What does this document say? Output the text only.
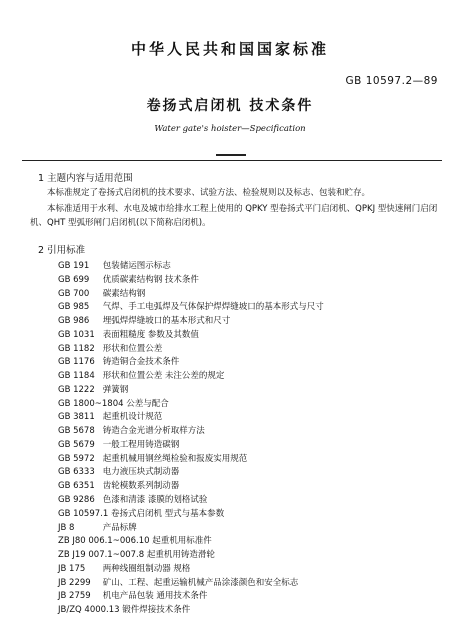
中华人民共和国国家标准
GB 10597.2—89
卷扬式启闭机 技术条件
Water gate's hoister—Specification
1 主题内容与适用范围
本标准规定了卷扬式启闭机的技术要求、试验方法、检验规则以及标志、包装和贮存。
本标准适用于水利、水电及城市给排水工程上使用的 QPKY 型卷扬式平门启闭机、QPKJ 型快速闸门启闭机、QHT 型弧形闸门启闭机(以下简称启闭机)。
2 引用标准
GB 191 包装储运图示标志
GB 699 优质碳素结构钢 技术条件
GB 700 碳素结构钢
GB 985 气焊、手工电弧焊及气体保护焊焊缝坡口的基本形式与尺寸
GB 986 埋弧焊焊缝坡口的基本形式和尺寸
GB 1031 表面粗糙度 参数及其数值
GB 1182 形状和位置公差
GB 1176 铸造铜合金技术条件
GB 1184 形状和位置公差 未注公差的规定
GB 1222 弹簧钢
GB 1800~1804 公差与配合
GB 3811 起重机设计规范
GB 5678 铸造合金光谱分析取样方法
GB 5679 一般工程用铸造碳钢
GB 5972 起重机械用钢丝绳检验和报废实用规范
GB 6333 电力液压块式制动器
GB 6351 齿轮模数系列制动器
GB 9286 色漆和清漆 漆膜的划格试验
GB 10597.1 卷扬式启闭机 型式与基本参数
JB 8	产品标牌
ZB J80 006.1~006.10 起重机用标准件
ZB J19 007.1~007.8 起重机用铸造滑轮
JB 175 两种线圈组制动器 规格
JB 2299 矿山、工程、起重运输机械产品涂漆颜色和安全标志
JB 2759 机电产品包装 通用技术条件
JB/ZQ 4000.13 锻件焊接技术条件
